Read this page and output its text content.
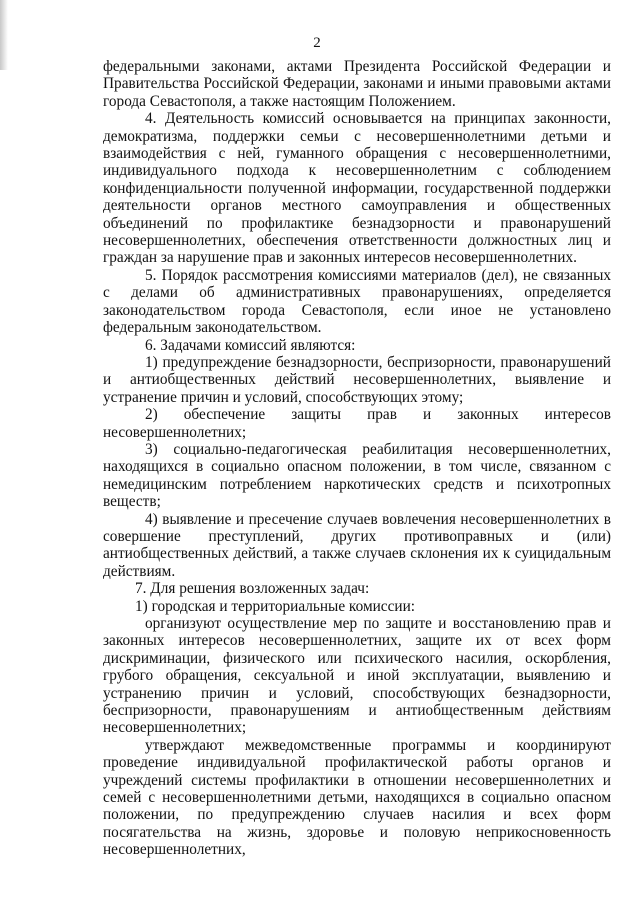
2

федеральными законами, актами Президента Российской Федерации и Правительства Российской Федерации, законами и иными правовыми актами города Севастополя, а также настоящим Положением.

4. Деятельность комиссий основывается на принципах законности, демократизма, поддержки семьи с несовершеннолетними детьми и взаимодействия с ней, гуманного обращения с несовершеннолетними, индивидуального подхода к несовершеннолетним с соблюдением конфиденциальности полученной информации, государственной поддержки деятельности органов местного самоуправления и общественных объединений по профилактике безнадзорности и правонарушений несовершеннолетних, обеспечения ответственности должностных лиц и граждан за нарушение прав и законных интересов несовершеннолетних.

5. Порядок рассмотрения комиссиями материалов (дел), не связанных с делами об административных правонарушениях, определяется законодательством города Севастополя, если иное не установлено федеральным законодательством.

6. Задачами комиссий являются:

1) предупреждение безнадзорности, беспризорности, правонарушений и антиобщественных действий несовершеннолетних, выявление и устранение причин и условий, способствующих этому;

2) обеспечение защиты прав и законных интересов несовершеннолетних;

3) социально-педагогическая реабилитация несовершеннолетних, находящихся в социально опасном положении, в том числе, связанном с немедицинским потреблением наркотических средств и психотропных веществ;

4) выявление и пресечение случаев вовлечения несовершеннолетних в совершение преступлений, других противоправных и (или) антиобщественных действий, а также случаев склонения их к суицидальным действиям.

7. Для решения возложенных задач:

1) городская и территориальные комиссии:

организуют осуществление мер по защите и восстановлению прав и законных интересов несовершеннолетних, защите их от всех форм дискриминации, физического или психического насилия, оскорбления, грубого обращения, сексуальной и иной эксплуатации, выявлению и устранению причин и условий, способствующих безнадзорности, беспризорности, правонарушениям и антиобщественным действиям несовершеннолетних;

утверждают межведомственные программы и координируют проведение индивидуальной профилактической работы органов и учреждений системы профилактики в отношении несовершеннолетних и семей с несовершеннолетними детьми, находящихся в социально опасном положении, по предупреждению случаев насилия и всех форм посягательства на жизнь, здоровье и половую неприкосновенность несовершеннолетних,
